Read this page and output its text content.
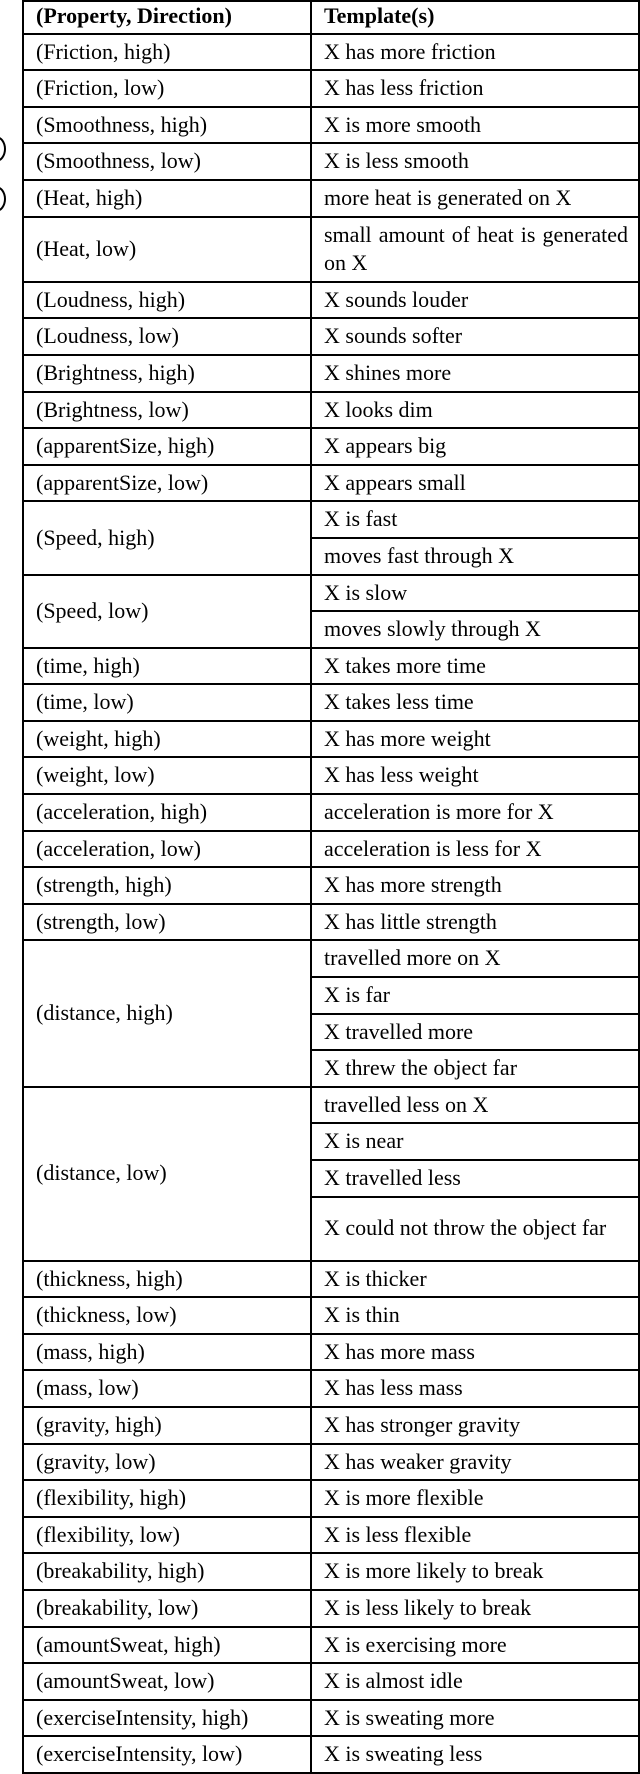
(Property, Direction)	Template(s)
(Friction, high)	X has more friction
(Friction, low)	X has less friction
(Smoothness, high)	X is more smooth
(Smoothness, low)	X is less smooth
(Heat, high)	more heat is generated on X
(Heat, low)	small amount of heat is generated on X
(Loudness, high)	X sounds louder
(Loudness, low)	X sounds softer
(Brightness, high)	X shines more
(Brightness, low)	X looks dim
(apparentSize, high)	X appears big
(apparentSize, low)	X appears small
(Speed, high)	X is fast
	moves fast through X
(Speed, low)	X is slow
	moves slowly through X
(time, high)	X takes more time
(time, low)	X takes less time
(weight, high)	X has more weight
(weight, low)	X has less weight
(acceleration, high)	acceleration is more for X
(acceleration, low)	acceleration is less for X
(strength, high)	X has more strength
(strength, low)	X has little strength
(distance, high)	travelled more on X
	X is far
	X travelled more
	X threw the object far
(distance, low)	travelled less on X
	X is near
	X travelled less
	X could not throw the object far
(thickness, high)	X is thicker
(thickness, low)	X is thin
(mass, high)	X has more mass
(mass, low)	X has less mass
(gravity, high)	X has stronger gravity
(gravity, low)	X has weaker gravity
(flexibility, high)	X is more flexible
(flexibility, low)	X is less flexible
(breakability, high)	X is more likely to break
(breakability, low)	X is less likely to break
(amountSweat, high)	X is exercising more
(amountSweat, low)	X is almost idle
(exerciseIntensity, high)	X is sweating more
(exerciseIntensity, low)	X is sweating less
